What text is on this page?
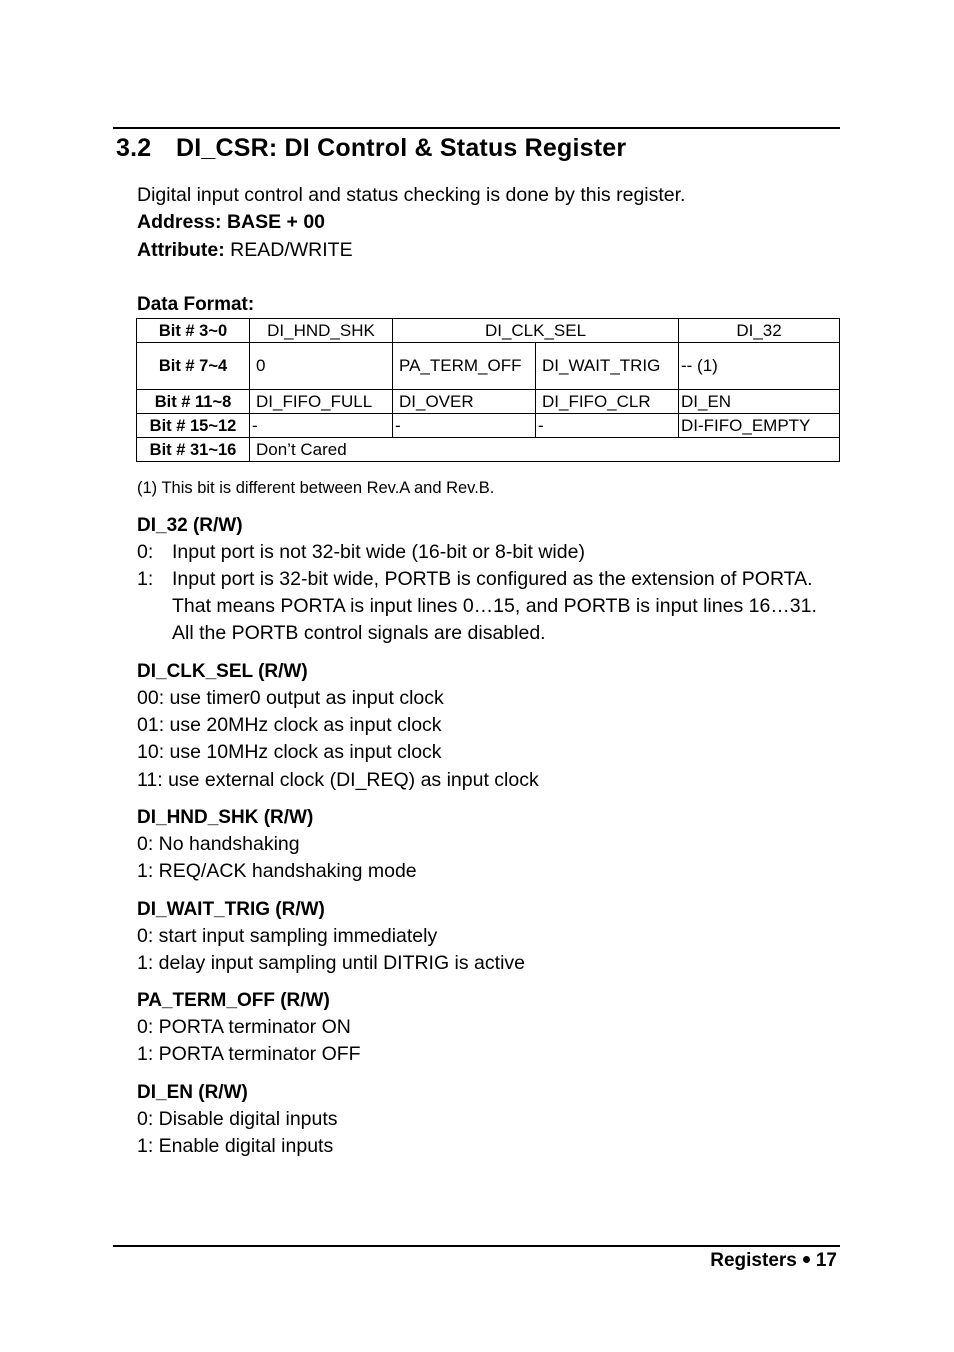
3.2 DI_CSR: DI Control & Status Register
Digital input control and status checking is done by this register.
Address: BASE + 00
Attribute: READ/WRITE
Data Format:
Bit # 3~0	DI_HND_SHK	DI_CLK_SEL		DI_32
Bit # 7~4	0	PA_TERM_OFF	DI_WAIT_TRIG	-- (1)
Bit # 11~8	DI_FIFO_FULL	DI_OVER	DI_FIFO_CLR	DI_EN
Bit # 15~12	-	-	-	DI-FIFO_EMPTY
Bit # 31~16	Don’t Cared			
(1) This bit is different between Rev.A and Rev.B.
DI_32 (R/W)
0: Input port is not 32-bit wide (16-bit or 8-bit wide)
1: Input port is 32-bit wide, PORTB is configured as the extension of PORTA.
That means PORTA is input lines 0…15, and PORTB is input lines 16…31.
All the PORTB control signals are disabled.
DI_CLK_SEL (R/W)
00: use timer0 output as input clock
01: use 20MHz clock as input clock
10: use 10MHz clock as input clock
11: use external clock (DI_REQ) as input clock
DI_HND_SHK (R/W)
0: No handshaking
1: REQ/ACK handshaking mode
DI_WAIT_TRIG (R/W)
0: start input sampling immediately
1: delay input sampling until DITRIG is active
PA_TERM_OFF (R/W)
0: PORTA terminator ON
1: PORTA terminator OFF
DI_EN (R/W)
0: Disable digital inputs
1: Enable digital inputs
Registers 17
